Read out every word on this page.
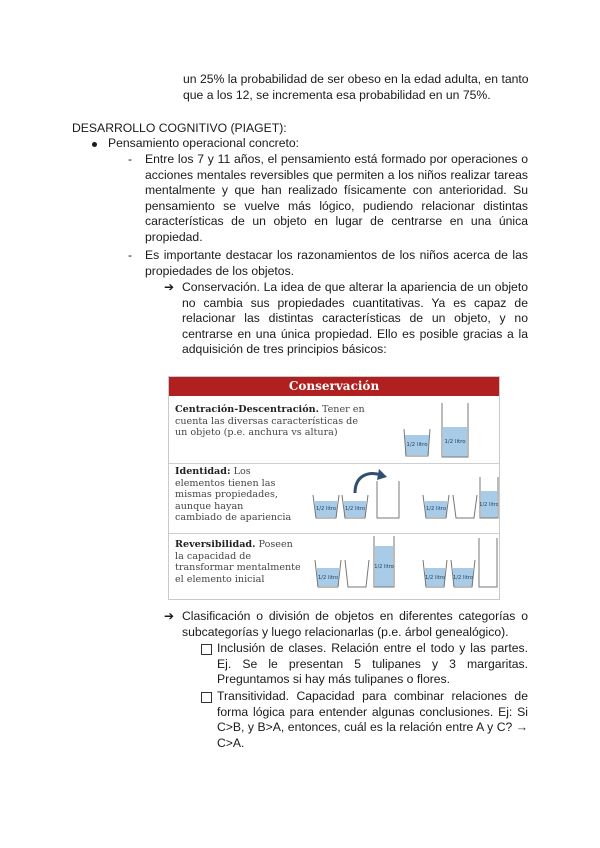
un 25% la probabilidad de ser obeso en la edad adulta, en tanto
que a los 12, se incrementa esa probabilidad en un 75%.
DESARROLLO COGNITIVO (PIAGET):
Pensamiento operacional concreto:
- Entre los 7 y 11 años, el pensamiento está formado por operaciones o acciones mentales reversibles que permiten a los niños realizar tareas mentalmente y que han realizado físicamente con anterioridad. Su pensamiento se vuelve más lógico, pudiendo relacionar distintas características de un objeto en lugar de centrarse en una única propiedad.
- Es importante destacar los razonamientos de los niños acerca de las propiedades de los objetos.
➔ Conservación. La idea de que alterar la apariencia de un objeto no cambia sus propiedades cuantitativas. Ya es capaz de relacionar las distintas características de un objeto, y no centrarse en una única propiedad. Ello es posible gracias a la adquisición de tres principios básicos:
Conservación
Centración-Descentración. Tener en cuenta las diversas características de un objeto (p.e. anchura vs altura)
1/2 litro	1/2 litro
Identidad: Los elementos tienen las mismas propiedades, aunque hayan cambiado de apariencia
1/2 litro 1/2 litro	1/2 litro
1/2 litro
Reversibilidad. Poseen la capacidad de transformar mentalmente el elemento inicial	1/2 litro
1/2 litro
1/2 litro 1/2 litro
➔ Clasificación o división de objetos en diferentes categorías o subcategorías y luego relacionarlas (p.e. árbol genealógico).
Inclusión de clases. Relación entre el todo y las partes. Ej. Se le presentan 5 tulipanes y 3 margaritas. Preguntamos si hay más tulipanes o flores.
Transitividad. Capacidad para combinar relaciones de forma lógica para entender algunas conclusiones. Ej: Si C>B, y B>A, entonces, cuál es la relación entre A y C? → C>A.
